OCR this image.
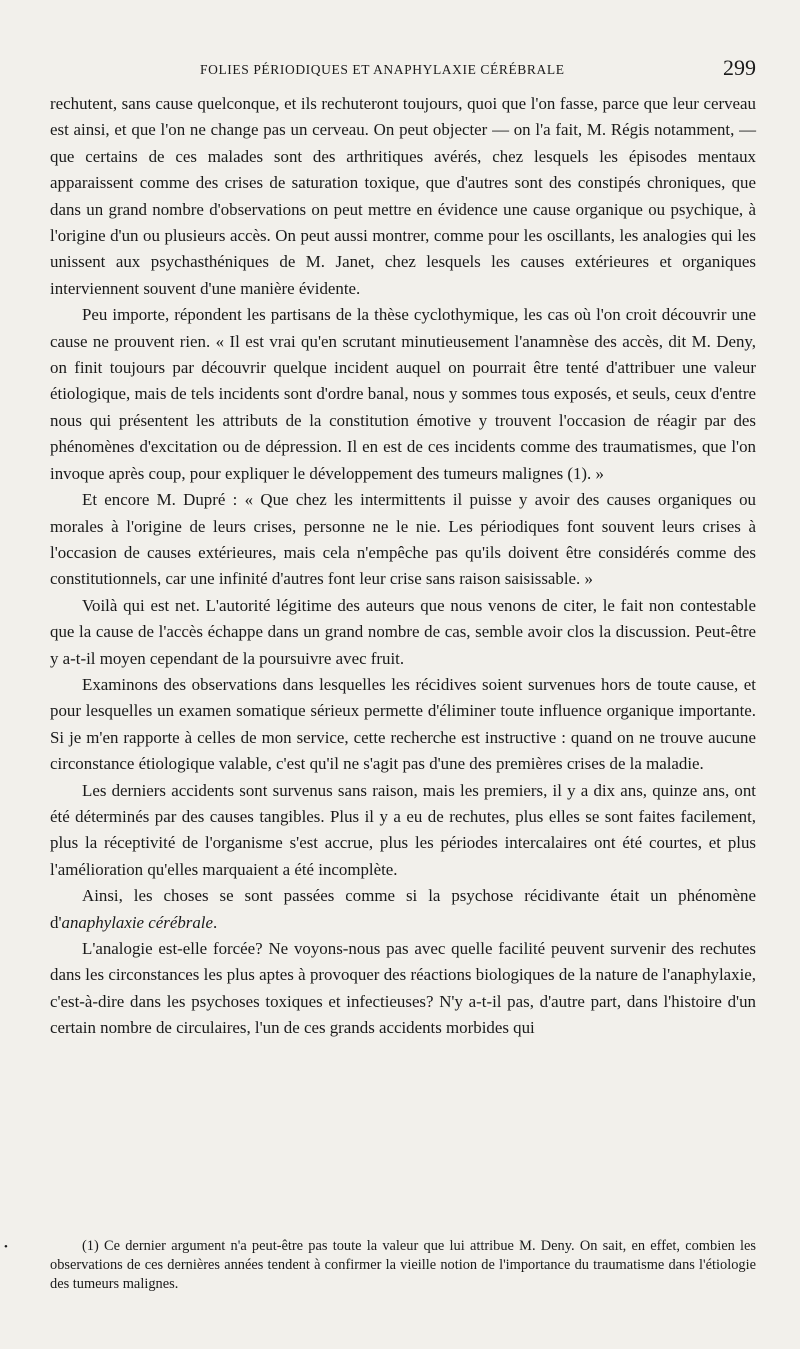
FOLIES PÉRIODIQUES ET ANAPHYLAXIE CÉRÉBRALE	299

rechutent, sans cause quelconque, et ils rechuteront toujours, quoi que l'on fasse, parce que leur cerveau est ainsi, et que l'on ne change pas un cerveau. On peut objecter — on l'a fait, M. Régis notamment, — que certains de ces malades sont des arthritiques avérés, chez lesquels les épisodes mentaux apparaissent comme des crises de saturation toxique, que d'autres sont des constipés chroniques, que dans un grand nombre d'observations on peut mettre en évidence une cause organique ou psychique, à l'origine d'un ou plusieurs accès. On peut aussi montrer, comme pour les oscillants, les analogies qui les unissent aux psychasthéniques de M. Janet, chez lesquels les causes extérieures et organiques interviennent souvent d'une manière évidente.

Peu importe, répondent les partisans de la thèse cyclothymique, les cas où l'on croit découvrir une cause ne prouvent rien. « Il est vrai qu'en scrutant minutieusement l'anamnèse des accès, dit M. Deny, on finit toujours par découvrir quelque incident auquel on pourrait être tenté d'attribuer une valeur étiologique, mais de tels incidents sont d'ordre banal, nous y sommes tous exposés, et seuls, ceux d'entre nous qui présentent les attributs de la constitution émotive y trouvent l'occasion de réagir par des phénomènes d'excitation ou de dépression. Il en est de ces incidents comme des traumatismes, que l'on invoque après coup, pour expliquer le développement des tumeurs malignes (1). »

Et encore M. Dupré : « Que chez les intermittents il puisse y avoir des causes organiques ou morales à l'origine de leurs crises, personne ne le nie. Les périodiques font souvent leurs crises à l'occasion de causes extérieures, mais cela n'empêche pas qu'ils doivent être considérés comme des constitutionnels, car une infinité d'autres font leur crise sans raison saisissable. »

Voilà qui est net. L'autorité légitime des auteurs que nous venons de citer, le fait non contestable que la cause de l'accès échappe dans un grand nombre de cas, semble avoir clos la discussion. Peut-être y a-t-il moyen cependant de la poursuivre avec fruit.

Examinons des observations dans lesquelles les récidives soient survenues hors de toute cause, et pour lesquelles un examen somatique sérieux permette d'éliminer toute influence organique importante. Si je m'en rapporte à celles de mon service, cette recherche est instructive : quand on ne trouve aucune circonstance étiologique valable, c'est qu'il ne s'agit pas d'une des premières crises de la maladie.

Les derniers accidents sont survenus sans raison, mais les premiers, il y a dix ans, quinze ans, ont été déterminés par des causes tangibles. Plus il y a eu de rechutes, plus elles se sont faites facilement, plus la réceptivité de l'organisme s'est accrue, plus les périodes intercalaires ont été courtes, et plus l'amélioration qu'elles marquaient a été incomplète.

Ainsi, les choses se sont passées comme si la psychose récidivante était un phénomène d'anaphylaxie cérébrale.

L'analogie est-elle forcée? Ne voyons-nous pas avec quelle facilité peuvent survenir des rechutes dans les circonstances les plus aptes à provoquer des réactions biologiques de la nature de l'anaphylaxie, c'est-à-dire dans les psychoses toxiques et infectieuses? N'y a-t-il pas, d'autre part, dans l'histoire d'un certain nombre de circulaires, l'un de ces grands accidents morbides qui

•	(1) Ce dernier argument n'a peut-être pas toute la valeur que lui attribue M. Deny. On sait, en effet, combien les observations de ces dernières années tendent à confirmer la vieille notion de l'importance du traumatisme dans l'étiologie des tumeurs malignes.
